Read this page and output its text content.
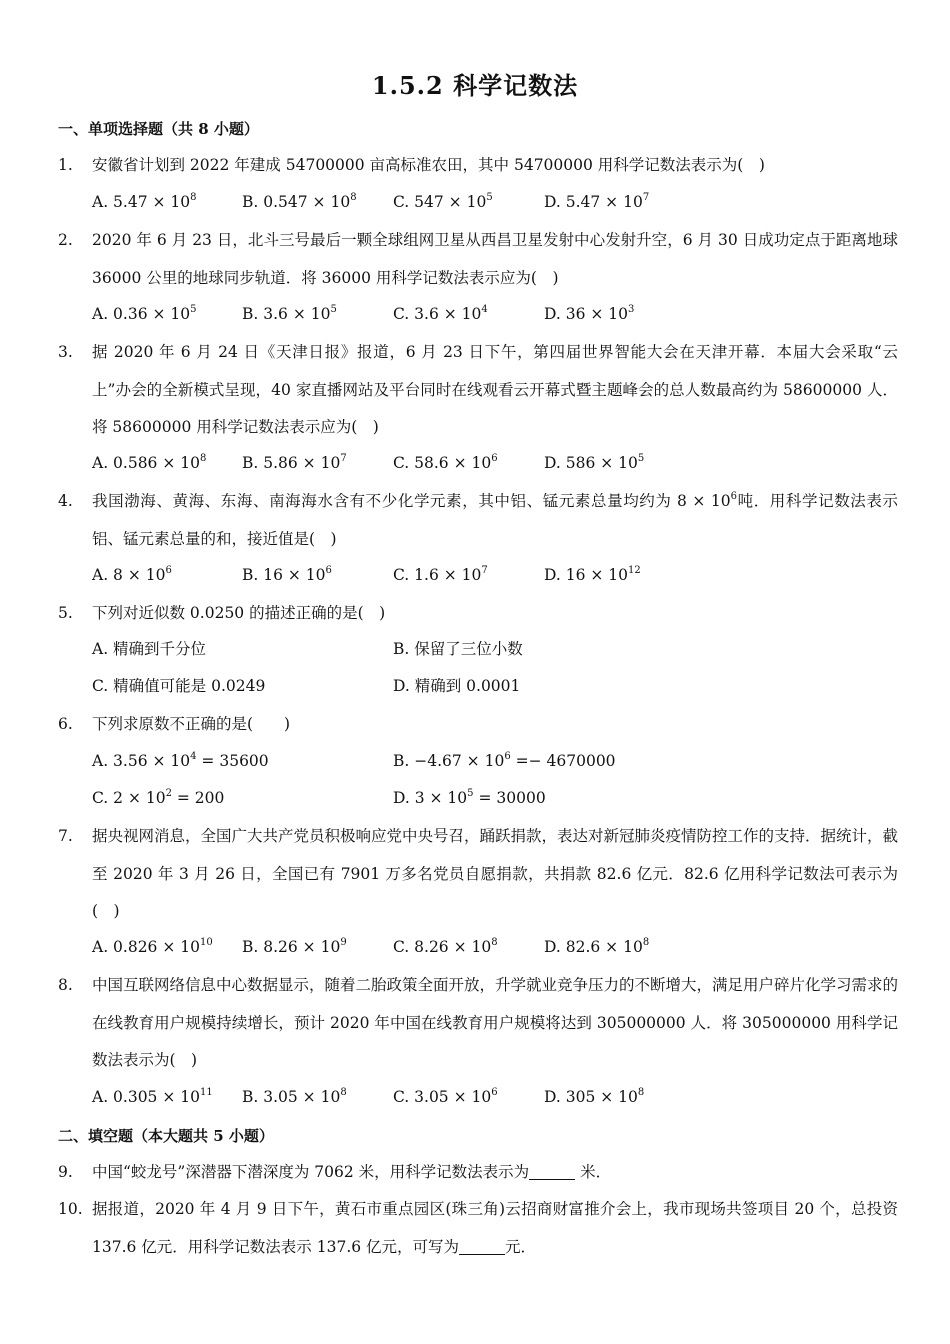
1.5.2 科学记数法
一、单项选择题（共 8 小题）
1.	安徽省计划到 2022 年建成 54700000 亩高标准农田，其中 54700000 用科学记数法表示为(　)
A. $5.47 \times 10^8$	B. $0.547 \times 10^8$ C. $547 \times 10^5$	D. $5.47 \times 10^7$
2.	2020 年 6 月 23 日，北斗三号最后一颗全球组网卫星从西昌卫星发射中心发射升空，6 月 30 日成功定点于距离地球 36000 公里的地球同步轨道．将 36000 用科学记数法表示应为(　)
A. $0.36 \times 10^5$	B. $3.6 \times 10^5$	C. $3.6 \times 10^4$	D. $36 \times 10^3$
3.	据 2020 年 6 月 24 日《天津日报》报道，6 月 23 日下午，第四届世界智能大会在天津开幕．本届大会采取“云上”办会的全新模式呈现，40 家直播网站及平台同时在线观看云开幕式暨主题峰会的总人数最高约为 58600000 人．将 58600000 用科学记数法表示应为(　)
A. $0.586 \times 10^8$ B. $5.86 \times 10^7$	C. $58.6 \times 10^6$	D. $586 \times 10^5$
4.	我国渤海、黄海、东海、南海海水含有不少化学元素，其中铝、锰元素总量均约为 $8 \times 10^6$吨．用科学记数法表示铝、锰元素总量的和，接近值是(　)
A. $8 \times 10^6$	B. $16 \times 10^6$	C. $1.6 \times 10^7$	D. $16 \times 10^{12}$
5.	下列对近似数 0.0250 的描述正确的是(　)
A. 精确到千分位	B. 保留了三位小数
C. 精确值可能是 0.0249	D. 精确到 0.0001
6.	下列求原数不正确的是(　　)
A. $3.56 \times 10^4 = 35600$	B. $-4.67 \times 10^6 =- 4670000$
C. $2 \times 10^2 = 200$	D. $3 \times 10^5 = 30000$
7.	据央视网消息，全国广大共产党员积极响应党中央号召，踊跃捐款，表达对新冠肺炎疫情防控工作的支持．据统计，截至 2020 年 3 月 26 日，全国已有 7901 万多名党员自愿捐款，共捐款 82.6 亿元．82.6 亿用科学记数法可表示为(　)
A. $0.826 \times 10^{10}$ B. $8.26 \times 10^9$	C. $8.26 \times 10^8$	D. $82.6 \times 10^8$
8.	中国互联网络信息中心数据显示，随着二胎政策全面开放，升学就业竞争压力的不断增大，满足用户碎片化学习需求的在线教育用户规模持续增长，预计 2020 年中国在线教育用户规模将达到 305000000 人．将 305000000 用科学记数法表示为(　)
A. $0.305 \times 10^{11}$ B. $3.05 \times 10^8$	C. $3.05 \times 10^6$	D. $305 \times 10^8$
二、填空题（本大题共 5 小题）
9.	中国“蛟龙号”深潜器下潜深度为 7062 米，用科学记数法表示为	米．
10. 据报道，2020 年 4 月 9 日下午，黄石市重点园区(珠三角)云招商财富推介会上，我市现场共签项目 20 个，总投资 137.6 亿元．用科学记数法表示 137.6 亿元，可写为	元．
